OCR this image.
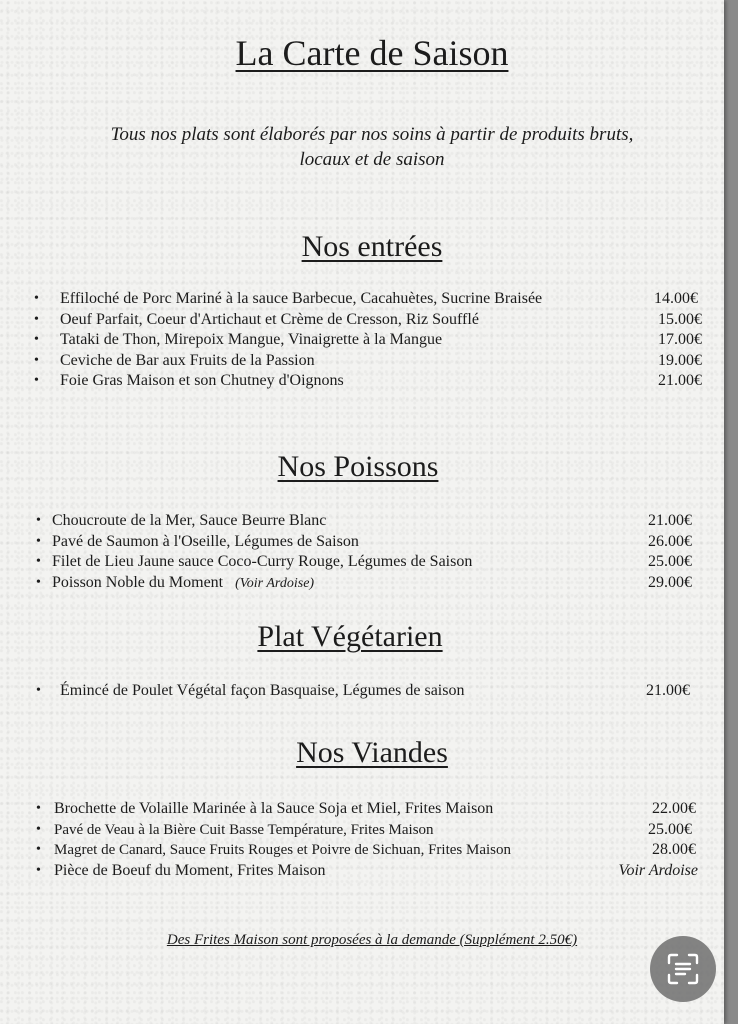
La Carte de Saison
Tous nos plats sont élaborés par nos soins à partir de produits bruts,
locaux et de saison
Nos entrées
• Effiloché de Porc Mariné à la sauce Barbecue, Cacahuètes, Sucrine Braisée	14.00€
• Oeuf Parfait, Coeur d'Artichaut et Crème de Cresson, Riz Soufflé	15.00€
• Tataki de Thon, Mirepoix Mangue, Vinaigrette à la Mangue	17.00€
• Ceviche de Bar aux Fruits de la Passion	19.00€
• Foie Gras Maison et son Chutney d'Oignons	21.00€
Nos Poissons
• Choucroute de la Mer, Sauce Beurre Blanc	21.00€
• Pavé de Saumon à l'Oseille, Légumes de Saison	26.00€
• Filet de Lieu Jaune sauce Coco-Curry Rouge, Légumes de Saison	25.00€
• Poisson Noble du Moment (Voir Ardoise)	29.00€
Plat Végétarien
• Émincé de Poulet Végétal façon Basquaise, Légumes de saison	21.00€
Nos Viandes
• Brochette de Volaille Marinée à la Sauce Soja et Miel, Frites Maison	22.00€
• Pavé de Veau à la Bière Cuit Basse Température, Frites Maison	25.00€
• Magret de Canard, Sauce Fruits Rouges et Poivre de Sichuan, Frites Maison	28.00€
• Pièce de Boeuf du Moment, Frites Maison	Voir Ardoise
Des Frites Maison sont proposées à la demande (Supplément 2.50€)
